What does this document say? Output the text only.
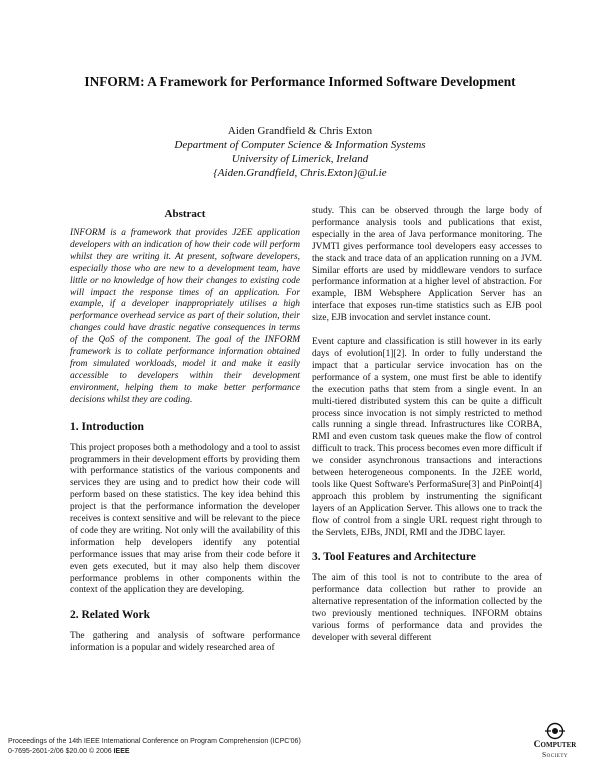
INFORM: A Framework for Performance Informed Software Development
Aiden Grandfield & Chris Exton
Department of Computer Science & Information Systems
University of Limerick, Ireland
{Aiden.Grandfield, Chris.Exton}@ul.ie
Abstract

INFORM is a framework that provides J2EE application developers with an indication of how their code will perform whilst they are writing it. At present, software developers, especially those who are new to a development team, have little or no knowledge of how their changes to existing code will impact the response times of an application. For example, if a developer inappropriately utilises a high performance overhead service as part of their solution, their changes could have drastic negative consequences in terms of the QoS of the component. The goal of the INFORM framework is to collate performance information obtained from simulated workloads, model it and make it easily accessible to developers within their development environment, helping them to make better performance decisions whilst they are coding.

1. Introduction

This project proposes both a methodology and a tool to assist programmers in their development efforts by providing them with performance statistics of the various components and services they are using and to predict how their code will perform based on these statistics. The key idea behind this project is that the performance information the developer receives is context sensitive and will be relevant to the piece of code they are writing. Not only will the availability of this information help developers identify any potential performance issues that may arise from their code before it even gets executed, but it may also help them discover performance problems in other components within the context of the application they are developing.

2. Related Work

The gathering and analysis of software performance information is a popular and widely researched area of

study. This can be observed through the large body of performance analysis tools and publications that exist, especially in the area of Java performance monitoring. The JVMTI gives performance tool developers easy accesses to the stack and trace data of an application running on a JVM. Similar efforts are used by middleware vendors to surface performance information at a higher level of abstraction. For example, IBM Websphere Application Server has an interface that exposes run-time statistics such as EJB pool size, EJB invocation and servlet instance count.

Event capture and classification is still however in its early days of evolution[1][2]. In order to fully understand the impact that a particular service invocation has on the performance of a system, one must first be able to identify the execution paths that stem from a single event. In an multi-tiered distributed system this can be quite a difficult process since invocation is not simply restricted to method calls running a single thread. Infrastructures like CORBA, RMI and even custom task queues make the flow of control difficult to track. This process becomes even more difficult if we consider asynchronous transactions and interactions between heterogeneous components. In the J2EE world, tools like Quest Software's PerformaSure[3] and PinPoint[4] approach this problem by instrumenting the significant layers of an Application Server. This allows one to track the flow of control from a single URL request right through to the Servlets, EJBs, JNDI, RMI and the JDBC layer.

3. Tool Features and Architecture

The aim of this tool is not to contribute to the area of performance data collection but rather to provide an alternative representation of the information collected by the two previously mentioned techniques. INFORM obtains various forms of performance data and provides the developer with several different

Proceedings of the 14th IEEE International Conference on Program Comprehension (ICPC'06)
0-7695-2601-2/06 $20.00 © 2006 IEEE
Computer
Society
